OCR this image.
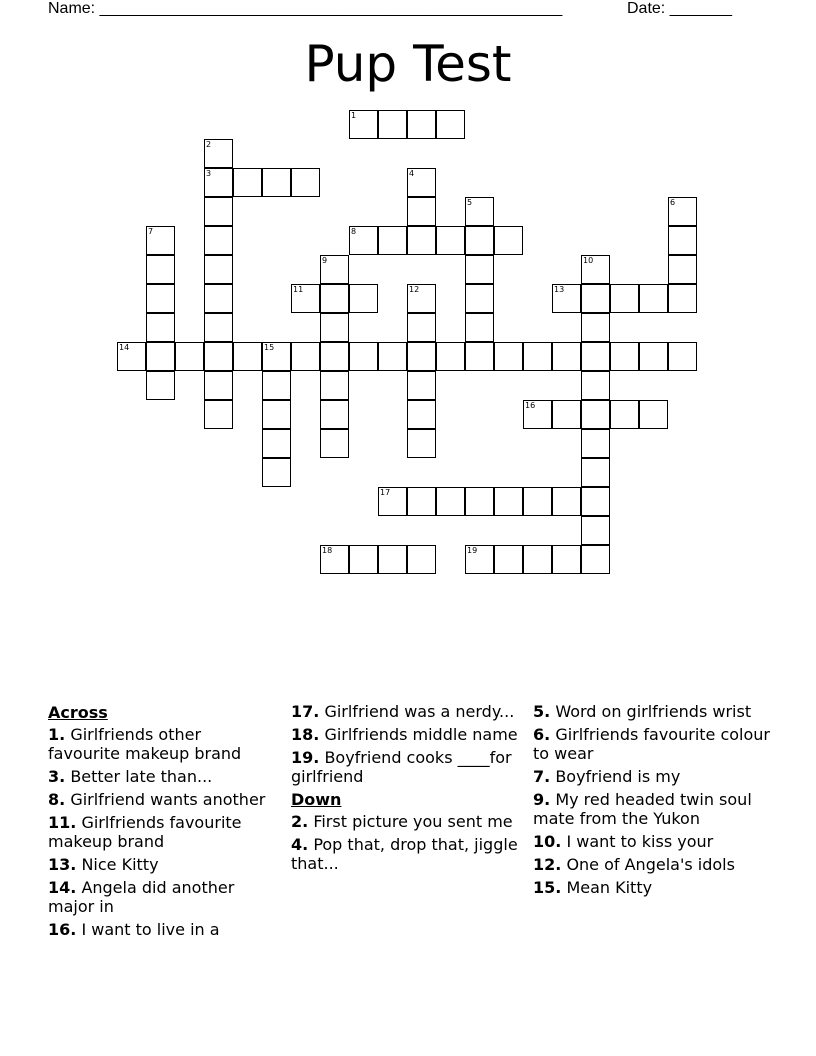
Name: ____________________________________________________	Date: _______
Pup Test
1
2
3	4
5	6
7	8
9	10
11	12	13
14	15
16
17
18	19
Across
1. Girlfriends other favourite makeup brand
3. Better late than...
8. Girlfriend wants another
11. Girlfriends favourite makeup brand
13. Nice Kitty
14. Angela did another major in
16. I want to live in a
17. Girlfriend was a nerdy...
18. Girlfriends middle name
19. Boyfriend cooks ____for girlfriend
Down
2. First picture you sent me
4. Pop that, drop that, jiggle that...
5. Word on girlfriends wrist
6. Girlfriends favourite colour to wear
7. Boyfriend is my
9. My red headed twin soul mate from the Yukon
10. I want to kiss your
12. One of Angela's idols
15. Mean Kitty
